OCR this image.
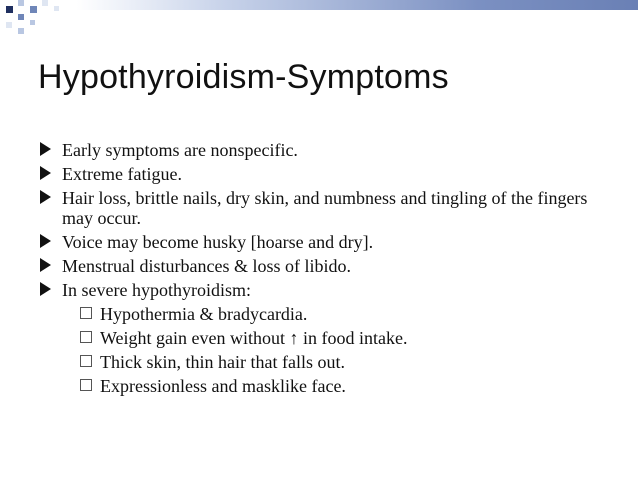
Hypothyroidism-Symptoms
Early symptoms are nonspecific.
Extreme fatigue.
Hair loss, brittle nails, dry skin, and numbness and tingling of the fingers may occur.
Voice may become husky [hoarse and dry].
Menstrual disturbances & loss of libido.
In severe hypothyroidism:
Hypothermia & bradycardia.
Weight gain even without ↑ in food intake.
Thick skin, thin hair that falls out.
Expressionless and masklike face.
